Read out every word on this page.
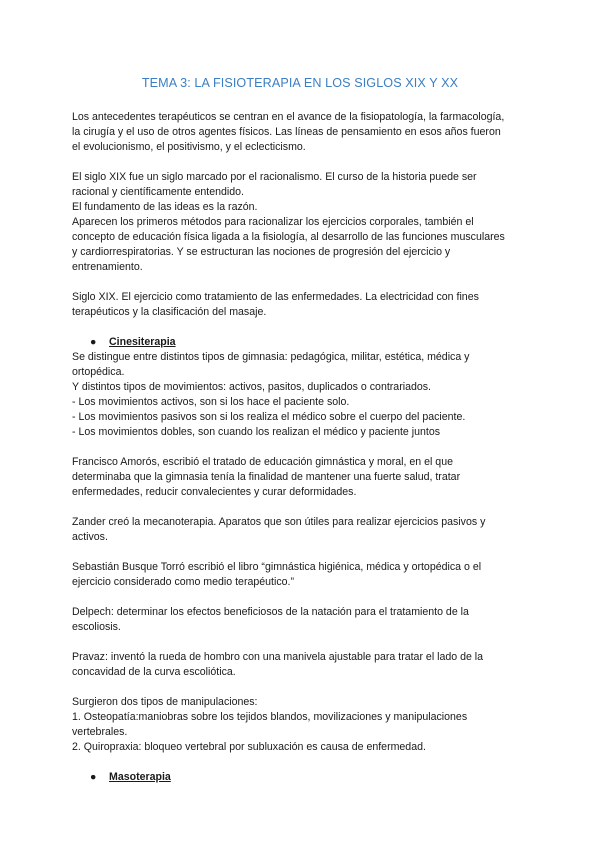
TEMA 3: LA FISIOTERAPIA EN LOS SIGLOS XIX Y XX

Los antecedentes terapéuticos se centran en el avance de la fisiopatología, la farmacología,

la cirugía y el uso de otros agentes físicos. Las líneas de pensamiento en esos años fueron

el evolucionismo, el positivismo, y el eclecticismo.

El siglo XIX fue un siglo marcado por el racionalismo. El curso de la historia puede ser

racional y científicamente entendido.

El fundamento de las ideas es la razón.

Aparecen los primeros métodos para racionalizar los ejercicios corporales, también el

concepto de educación física ligada a la fisiología, al desarrollo de las funciones musculares

y cardiorrespiratorias. Y se estructuran las nociones de progresión del ejercicio y

entrenamiento.

Siglo XIX. El ejercicio como tratamiento de las enfermedades. La electricidad con fines

terapéuticos y la clasificación del masaje.

● Cinesiterapia

Se distingue entre distintos tipos de gimnasia: pedagógica, militar, estética, médica y

ortopédica.

Y distintos tipos de movimientos: activos, pasitos, duplicados o contrariados.

- Los movimientos activos, son si los hace el paciente solo.

- Los movimientos pasivos son si los realiza el médico sobre el cuerpo del paciente.

- Los movimientos dobles, son cuando los realizan el médico y paciente juntos

Francisco Amorós, escribió el tratado de educación gimnástica y moral, en el que

determinaba que la gimnasia tenía la finalidad de mantener una fuerte salud, tratar

enfermedades, reducir convalecientes y curar deformidades.

Zander creó la mecanoterapia. Aparatos que son útiles para realizar ejercicios pasivos y

activos.

Sebastián Busque Torró escribió el libro “gimnástica higiénica, médica y ortopédica o el

ejercicio considerado como medio terapéutico.”

Delpech: determinar los efectos beneficiosos de la natación para el tratamiento de la

escoliosis.

Pravaz: inventó la rueda de hombro con una manivela ajustable para tratar el lado de la

concavidad de la curva escoliótica.

Surgieron dos tipos de manipulaciones:

1. Osteopatía:maniobras sobre los tejidos blandos, movilizaciones y manipulaciones

vertebrales.

2. Quiropraxia: bloqueo vertebral por subluxación es causa de enfermedad.

● Masoterapia
